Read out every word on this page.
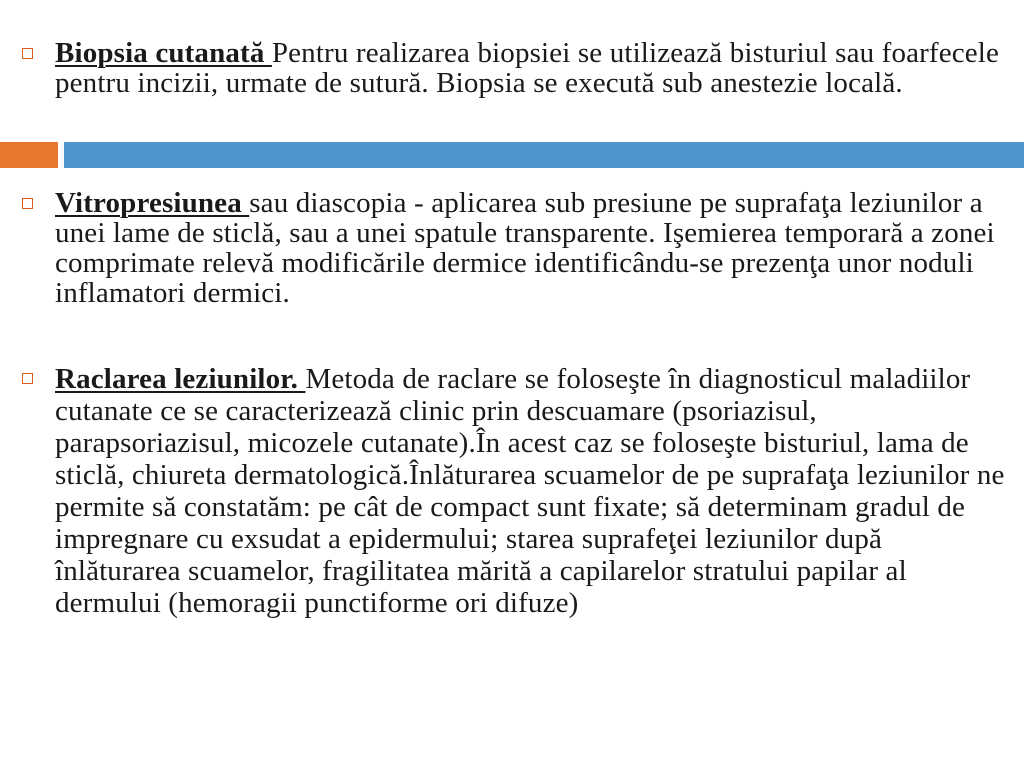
Biopsia cutanată Pentru realizarea biopsiei se utilizează bisturiul sau foarfecele pentru incizii, urmate de sutură. Biopsia se execută sub anestezie locală.
Vitropresiunea sau diascopia - aplicarea sub presiune pe suprafaţa leziunilor a unei lame de sticlă, sau a unei spatule transparente. Işemierea temporară a zonei comprimate relevă modificările dermice identificându-se prezenţa unor noduli inflamatori dermici.
Raclarea leziunilor. Metoda de raclare se foloseşte în diagnosticul maladiilor cutanate ce se caracterizează clinic prin descuamare (psoriazisul, parapsoriazisul, micozele cutanate).În acest caz se foloseşte bisturiul, lama de sticlă, chiureta dermatologică.Înlăturarea scuamelor de pe suprafaţa leziunilor ne permite să constatăm: pe cât de compact sunt fixate; să determinam gradul de impregnare cu exsudat a epidermului; starea suprafeţei leziunilor după înlăturarea scuamelor, fragilitatea mărită a capilarelor stratului papilar al dermului (hemoragii punctiforme ori difuze)
